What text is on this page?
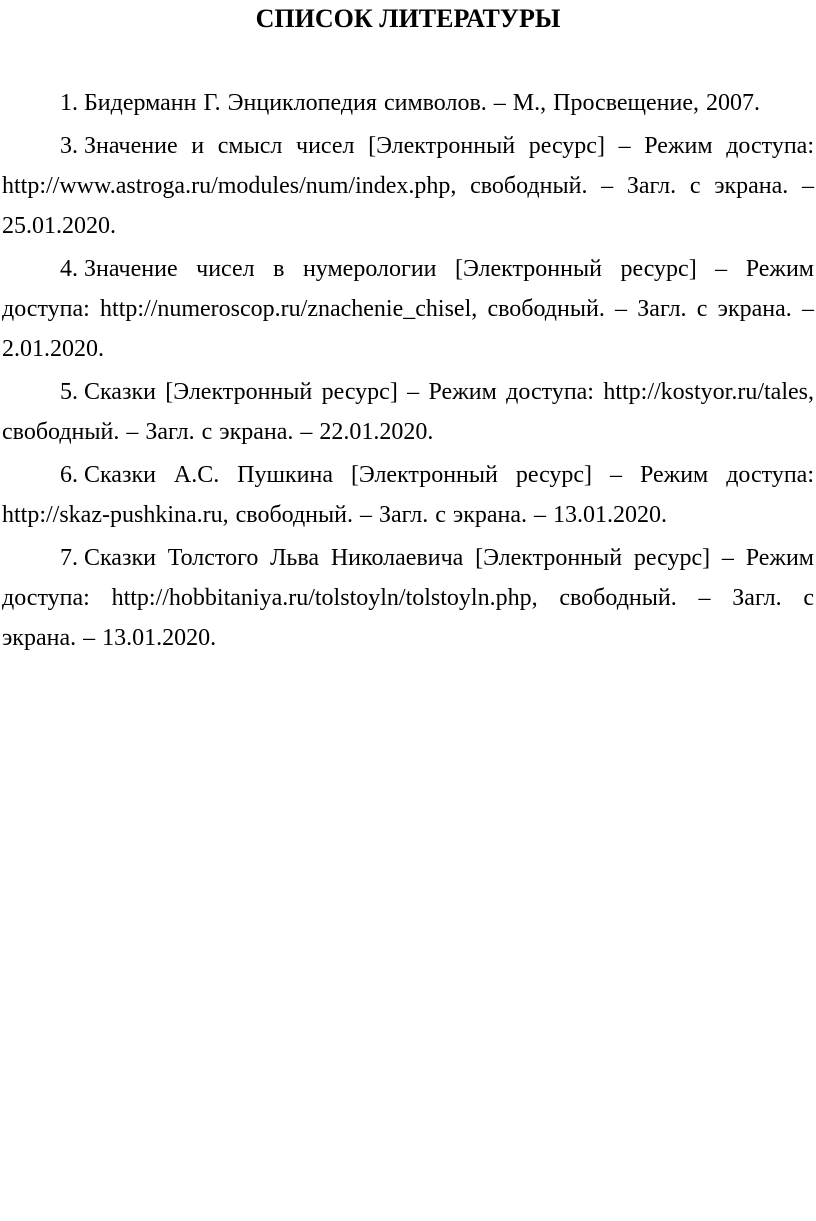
СПИСОК ЛИТЕРАТУРЫ

1. Бидерманн Г. Энциклопедия символов. – М., Просвещение, 2007.

3. Значение и смысл чисел [Электронный ресурс] – Режим доступа: http://www.astroga.ru/modules/num/index.php, свободный. – Загл. с экрана. – 25.01.2020.

4. Значение чисел в нумерологии [Электронный ресурс] – Режим доступа: http://numeroscop.ru/znachenie_chisel, свободный. – Загл. с экрана. – 2.01.2020.

5. Сказки [Электронный ресурс] – Режим доступа: http://kostyor.ru/tales, свободный. – Загл. с экрана. – 22.01.2020.

6. Сказки А.С. Пушкина [Электронный ресурс] – Режим доступа: http://skaz-pushkina.ru, свободный. – Загл. с экрана. – 13.01.2020.

7. Сказки Толстого Льва Николаевича [Электронный ресурс] – Режим доступа: http://hobbitaniya.ru/tolstoyln/tolstoyln.php, свободный. – Загл. с экрана. – 13.01.2020.
